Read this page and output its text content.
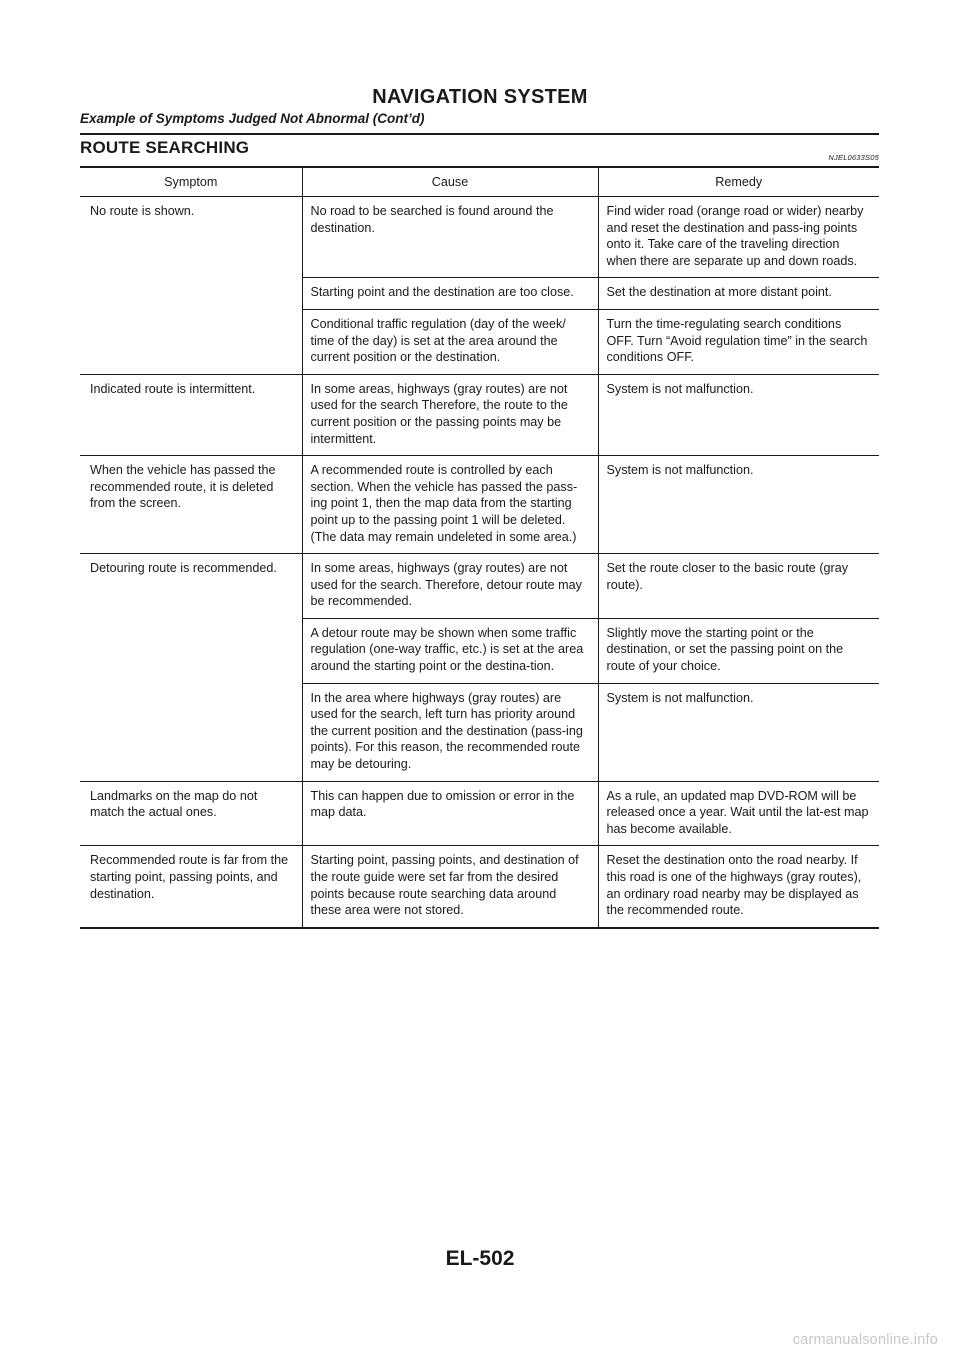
NAVIGATION SYSTEM
Example of Symptoms Judged Not Abnormal (Cont’d)
ROUTE SEARCHING
NJEL0633S05
Symptom	Cause	Remedy
No route is shown.	No road to be searched is found around the destination.	Find wider road (orange road or wider) nearby and reset the destination and pass-ing points onto it. Take care of the traveling direction when there are separate up and down roads.
	Starting point and the destination are too close.	Set the destination at more distant point.
	Conditional traffic regulation (day of the week/ time of the day) is set at the area around the current position or the destination.	Turn the time-regulating search conditions OFF. Turn “Avoid regulation time” in the search conditions OFF.
Indicated route is intermittent.	In some areas, highways (gray routes) are not used for the search Therefore, the route to the current position or the passing points may be intermittent.	System is not malfunction.
When the vehicle has passed the recommended route, it is deleted from the screen.	A recommended route is controlled by each section. When the vehicle has passed the pass-ing point 1, then the map data from the starting point up to the passing point 1 will be deleted. (The data may remain undeleted in some area.)	System is not malfunction.
Detouring route is recommended.	In some areas, highways (gray routes) are not used for the search. Therefore, detour route may be recommended.	Set the route closer to the basic route (gray route).
	A detour route may be shown when some traffic regulation (one-way traffic, etc.) is set at the area around the starting point or the destina-tion.	Slightly move the starting point or the destination, or set the passing point on the route of your choice.
	In the area where highways (gray routes) are used for the search, left turn has priority around the current position and the destination (pass-ing points). For this reason, the recommended route may be detouring.	System is not malfunction.
Landmarks on the map do not match the actual ones.	This can happen due to omission or error in the map data.	As a rule, an updated map DVD-ROM will be released once a year. Wait until the lat-est map has become available.
Recommended route is far from the starting point, passing points, and destination.	Starting point, passing points, and destination of the route guide were set far from the desired points because route searching data around these area were not stored.	Reset the destination onto the road nearby. If this road is one of the highways (gray routes), an ordinary road nearby may be displayed as the recommended route.
EL-502
carmanualsonline.info
